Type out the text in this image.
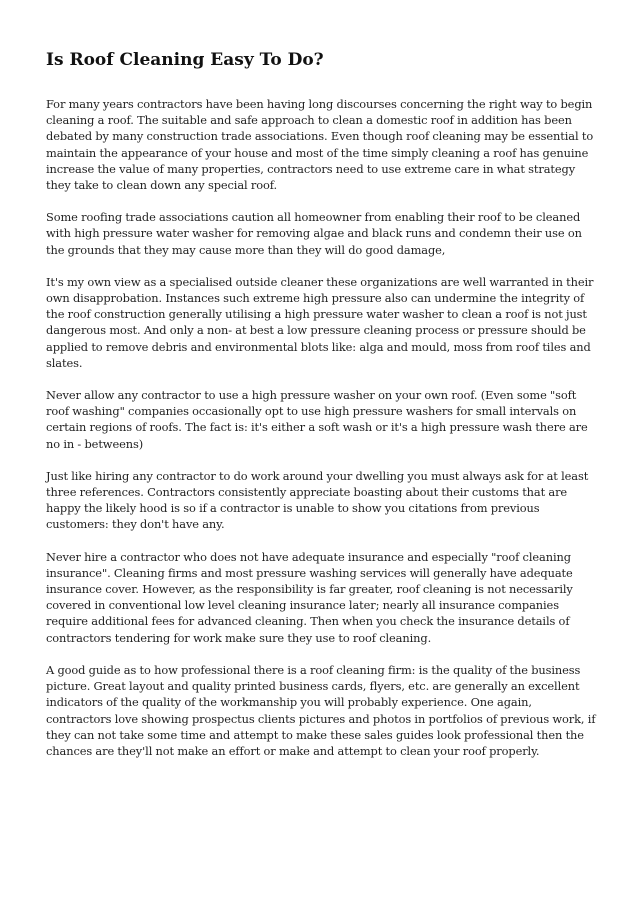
Is Roof Cleaning Easy To Do?

For many years contractors have been having long discourses concerning the right way to begin cleaning a roof. The suitable and safe approach to clean a domestic roof in addition has been debated by many construction trade associations. Even though roof cleaning may be essential to maintain the appearance of your house and most of the time simply cleaning a roof has genuine increase the value of many properties, contractors need to use extreme care in what strategy they take to clean down any special roof.

Some roofing trade associations caution all homeowner from enabling their roof to be cleaned with high pressure water washer for removing algae and black runs and condemn their use on the grounds that they may cause more than they will do good damage,

It's my own view as a specialised outside cleaner these organizations are well warranted in their own disapprobation. Instances such extreme high pressure also can undermine the integrity of the roof construction generally utilising a high pressure water washer to clean a roof is not just dangerous most. And only a non- at best a low pressure cleaning process or pressure should be applied to remove debris and environmental blots like: alga and mould, moss from roof tiles and slates.

Never allow any contractor to use a high pressure washer on your own roof. (Even some "soft roof washing" companies occasionally opt to use high pressure washers for small intervals on certain regions of roofs. The fact is: it's either a soft wash or it's a high pressure wash there are no in - betweens)

Just like hiring any contractor to do work around your dwelling you must always ask for at least three references. Contractors consistently appreciate boasting about their customs that are happy the likely hood is so if a contractor is unable to show you citations from previous customers: they don't have any.

Never hire a contractor who does not have adequate insurance and especially "roof cleaning insurance". Cleaning firms and most pressure washing services will generally have adequate insurance cover. However, as the responsibility is far greater, roof cleaning is not necessarily covered in conventional low level cleaning insurance later; nearly all insurance companies require additional fees for advanced cleaning. Then when you check the insurance details of contractors tendering for work make sure they use to roof cleaning.

A good guide as to how professional there is a roof cleaning firm: is the quality of the business picture. Great layout and quality printed business cards, flyers, etc. are generally an excellent indicators of the quality of the workmanship you will probably experience. One again, contractors love showing prospectus clients pictures and photos in portfolios of previous work, if they can not take some time and attempt to make these sales guides look professional then the chances are they'll not make an effort or make and attempt to clean your roof properly.
